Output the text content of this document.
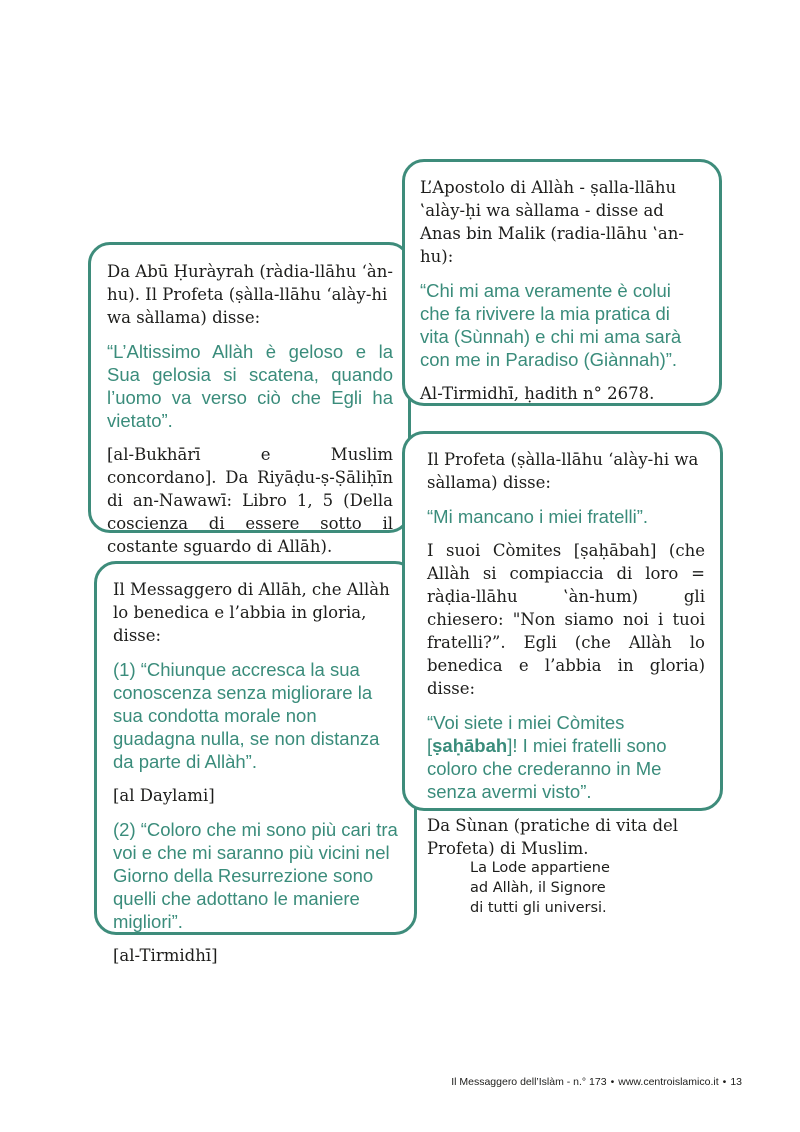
L’Apostolo di Allàh - ṣalla-llāhu ‛alày-ḥi wa sàllama - disse ad Anas bin Malik (radia-llāhu ‛an-hu):

“Chi mi ama veramente è colui che fa rivivere la mia pratica di vita (Sùnnah) e chi mi ama sarà con me in Paradiso (Giànnah)”.

Al-Tirmidhī, ḥadith n° 2678.

Da Abū Ḥuràyrah (ràdia-llāhu ‘àn-hu). Il Profeta (ṣàlla-llāhu ‘alày-hi wa sàllama) disse:

“L’Altissimo Allàh è geloso e la Sua gelosia si scatena, quando l’uomo va verso ciò che Egli ha vietato”.

[al-Bukhārī e Muslim concordano]. Da Riyāḍu-ṣ-Ṣāliḥīn di an-Nawawī: Libro 1, 5 (Della coscienza di essere sotto il costante sguardo di Allāh).

Il Profeta (ṣàlla-llāhu ‘alày-hi wa sàllama) disse:

“Mi mancano i miei fratelli”.

I suoi Còmites [ṣaḥābah] (che Allàh si compiaccia di loro = ràḍia-llāhu ‛àn-hum) gli chiesero: "Non siamo noi i tuoi fratelli?”. Egli (che Allàh lo benedica e l’abbia in gloria) disse:

“Voi siete i miei Còmites [ṣaḥābah]! I miei fratelli sono coloro che crederanno in Me senza avermi visto”.

Da Sùnan (pratiche di vita del Profeta) di Muslim.

Il Messaggero di Allāh, che Allàh lo benedica e l’abbia in gloria, disse:

(1) “Chiunque accresca la sua conoscenza senza migliorare la sua condotta morale non guadagna nulla, se non distanza da parte di Allàh”.

[al Daylami]

(2) “Coloro che mi sono più cari tra voi e che mi saranno più vicini nel Giorno della Resurrezione sono quelli che adottano le maniere migliori”.

[al-Tirmidhī]

La Lode appartiene
ad Allàh, il Signore
di tutti gli universi.
Il Messaggero dell’Islàm - n.° 173 • www.centroislamico.it • 13
